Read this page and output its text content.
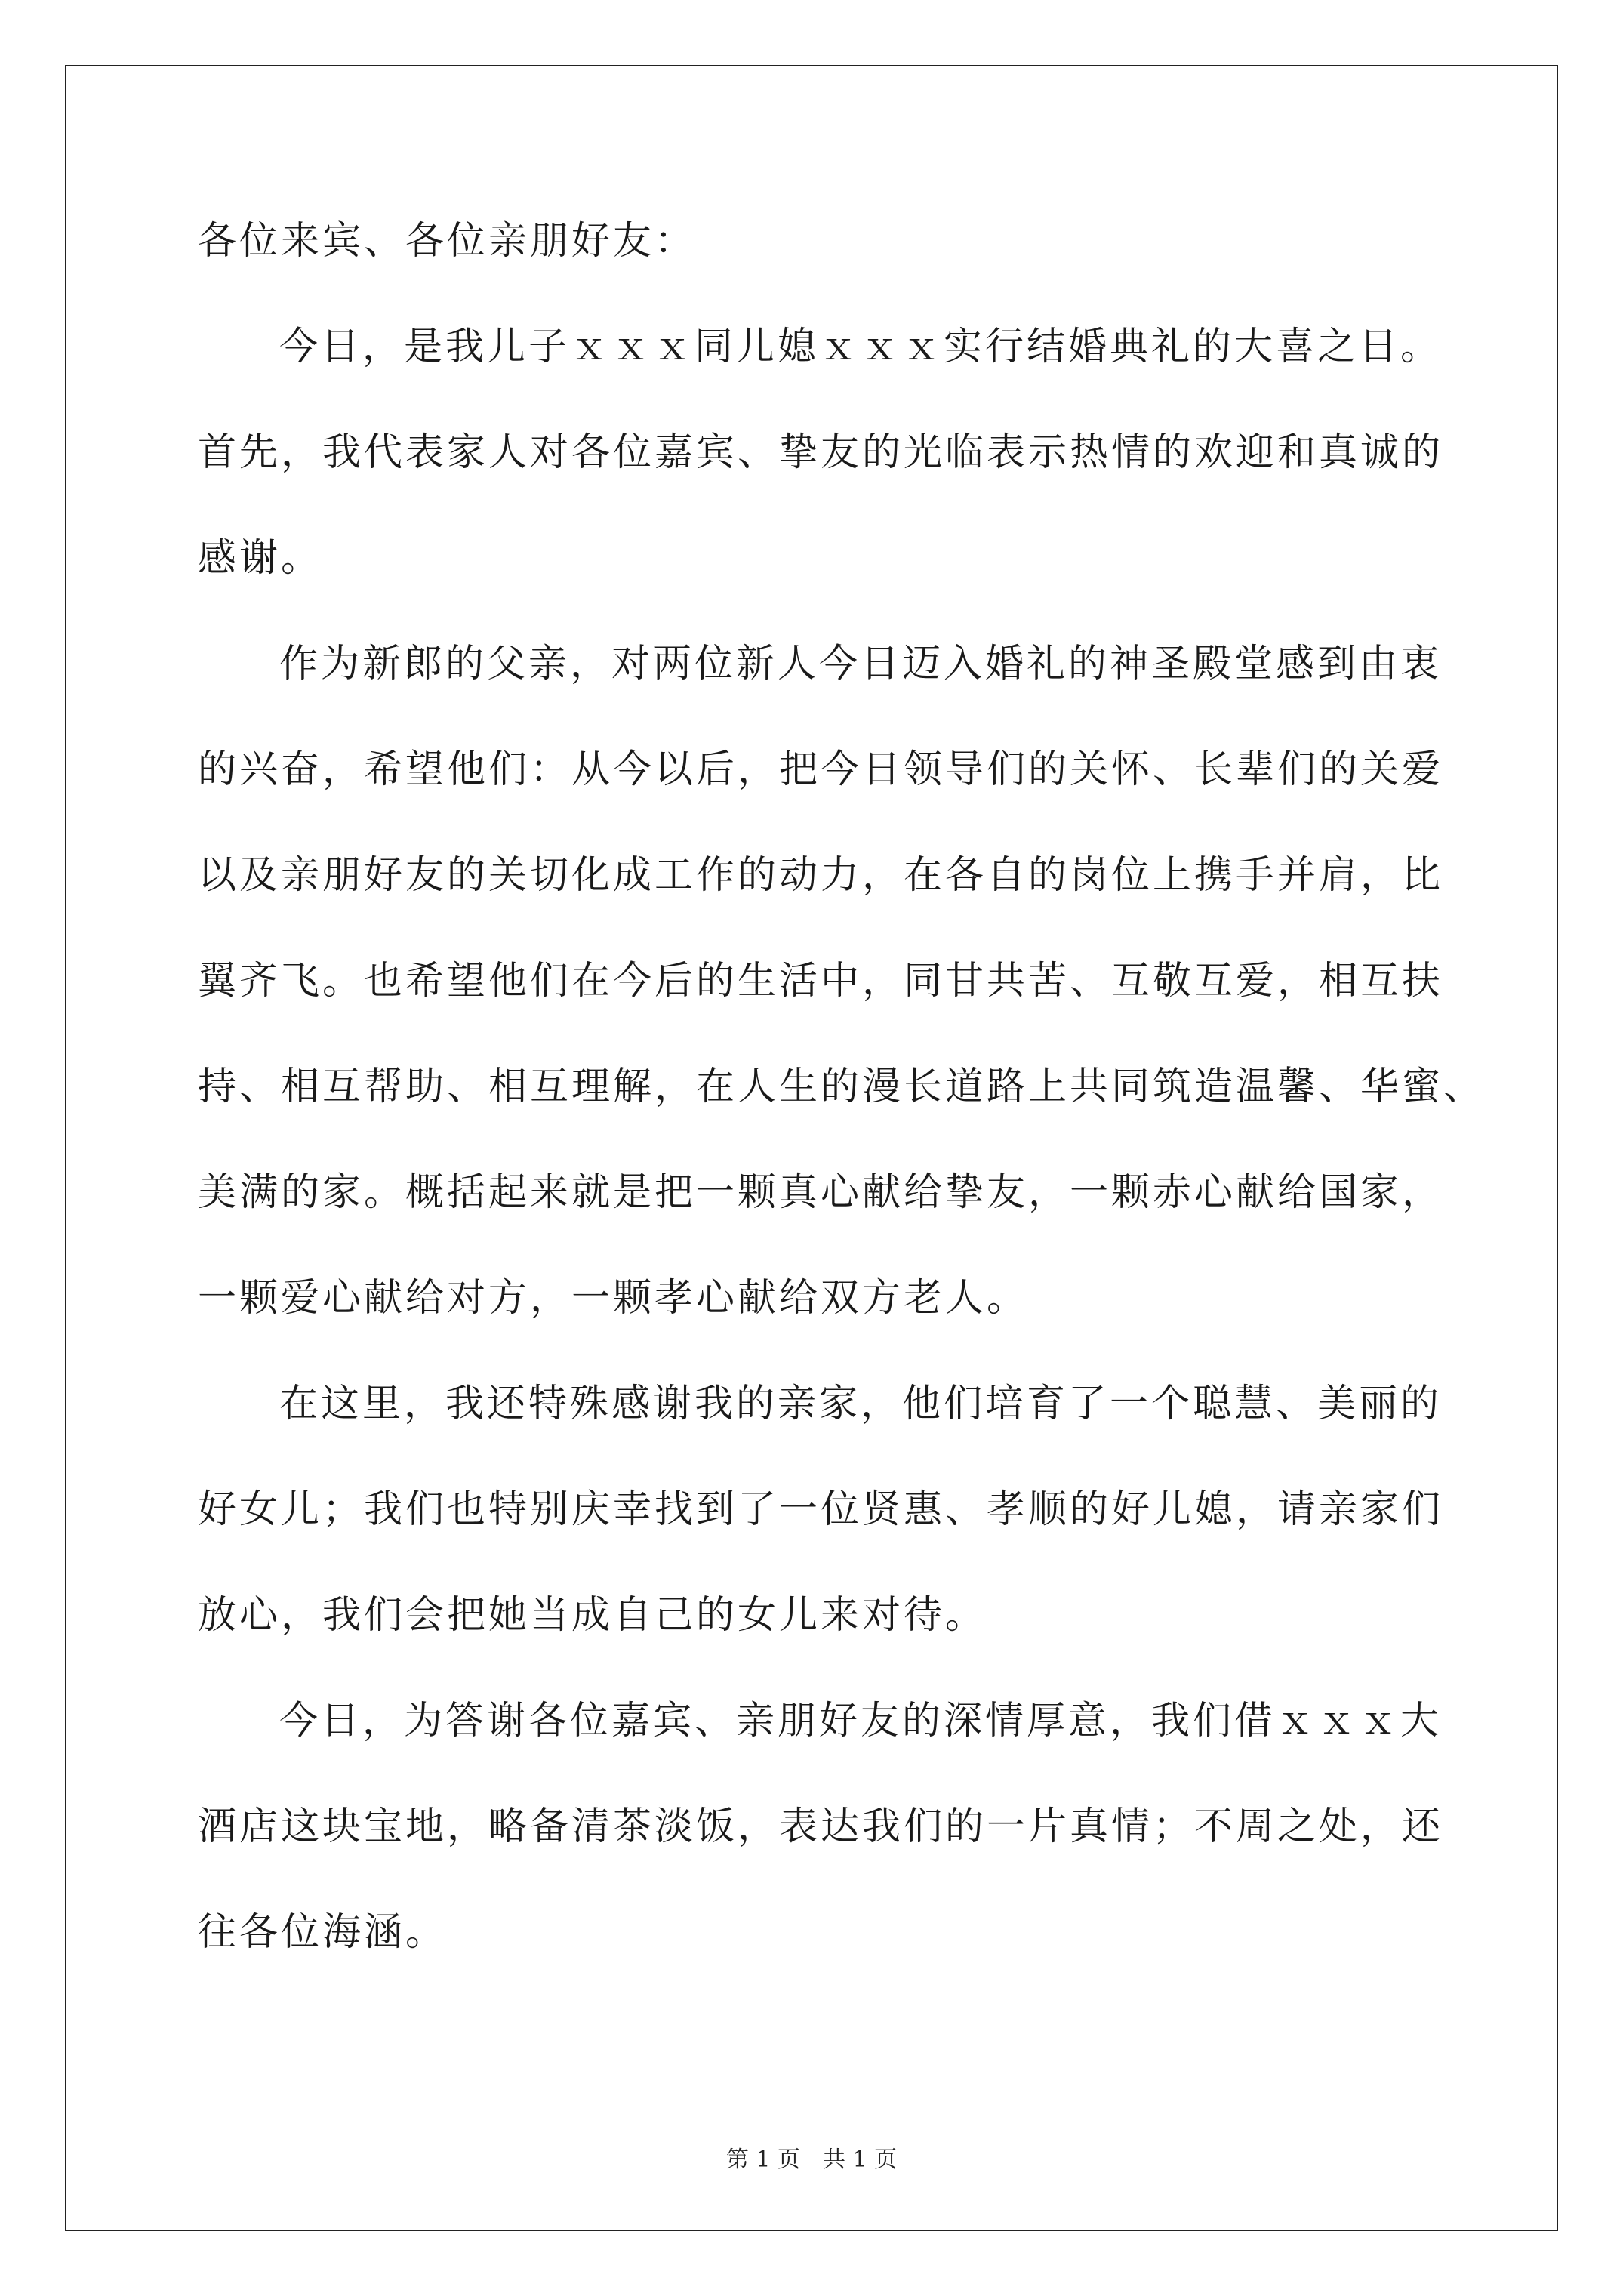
各位来宾、各位亲朋好友：
今日，是我儿子ｘｘｘ同儿媳ｘｘｘ实行结婚典礼的大喜之日。
首先，我代表家人对各位嘉宾、挚友的光临表示热情的欢迎和真诚的
感谢。
作为新郎的父亲，对两位新人今日迈入婚礼的神圣殿堂感到由衷
的兴奋，希望他们：从今以后，把今日领导们的关怀、长辈们的关爱
以及亲朋好友的关切化成工作的动力，在各自的岗位上携手并肩，比
翼齐飞。也希望他们在今后的生活中，同甘共苦、互敬互爱，相互扶
持、相互帮助、相互理解，在人生的漫长道路上共同筑造温馨、华蜜、
美满的家。概括起来就是把一颗真心献给挚友，一颗赤心献给国家，
一颗爱心献给对方，一颗孝心献给双方老人。
在这里，我还特殊感谢我的亲家，他们培育了一个聪慧、美丽的
好女儿；我们也特别庆幸找到了一位贤惠、孝顺的好儿媳，请亲家们
放心，我们会把她当成自己的女儿来对待。
今日，为答谢各位嘉宾、亲朋好友的深情厚意，我们借ｘｘｘ大
酒店这块宝地，略备清茶淡饭，表达我们的一片真情；不周之处，还
往各位海涵。
第 1 页　共 1 页
